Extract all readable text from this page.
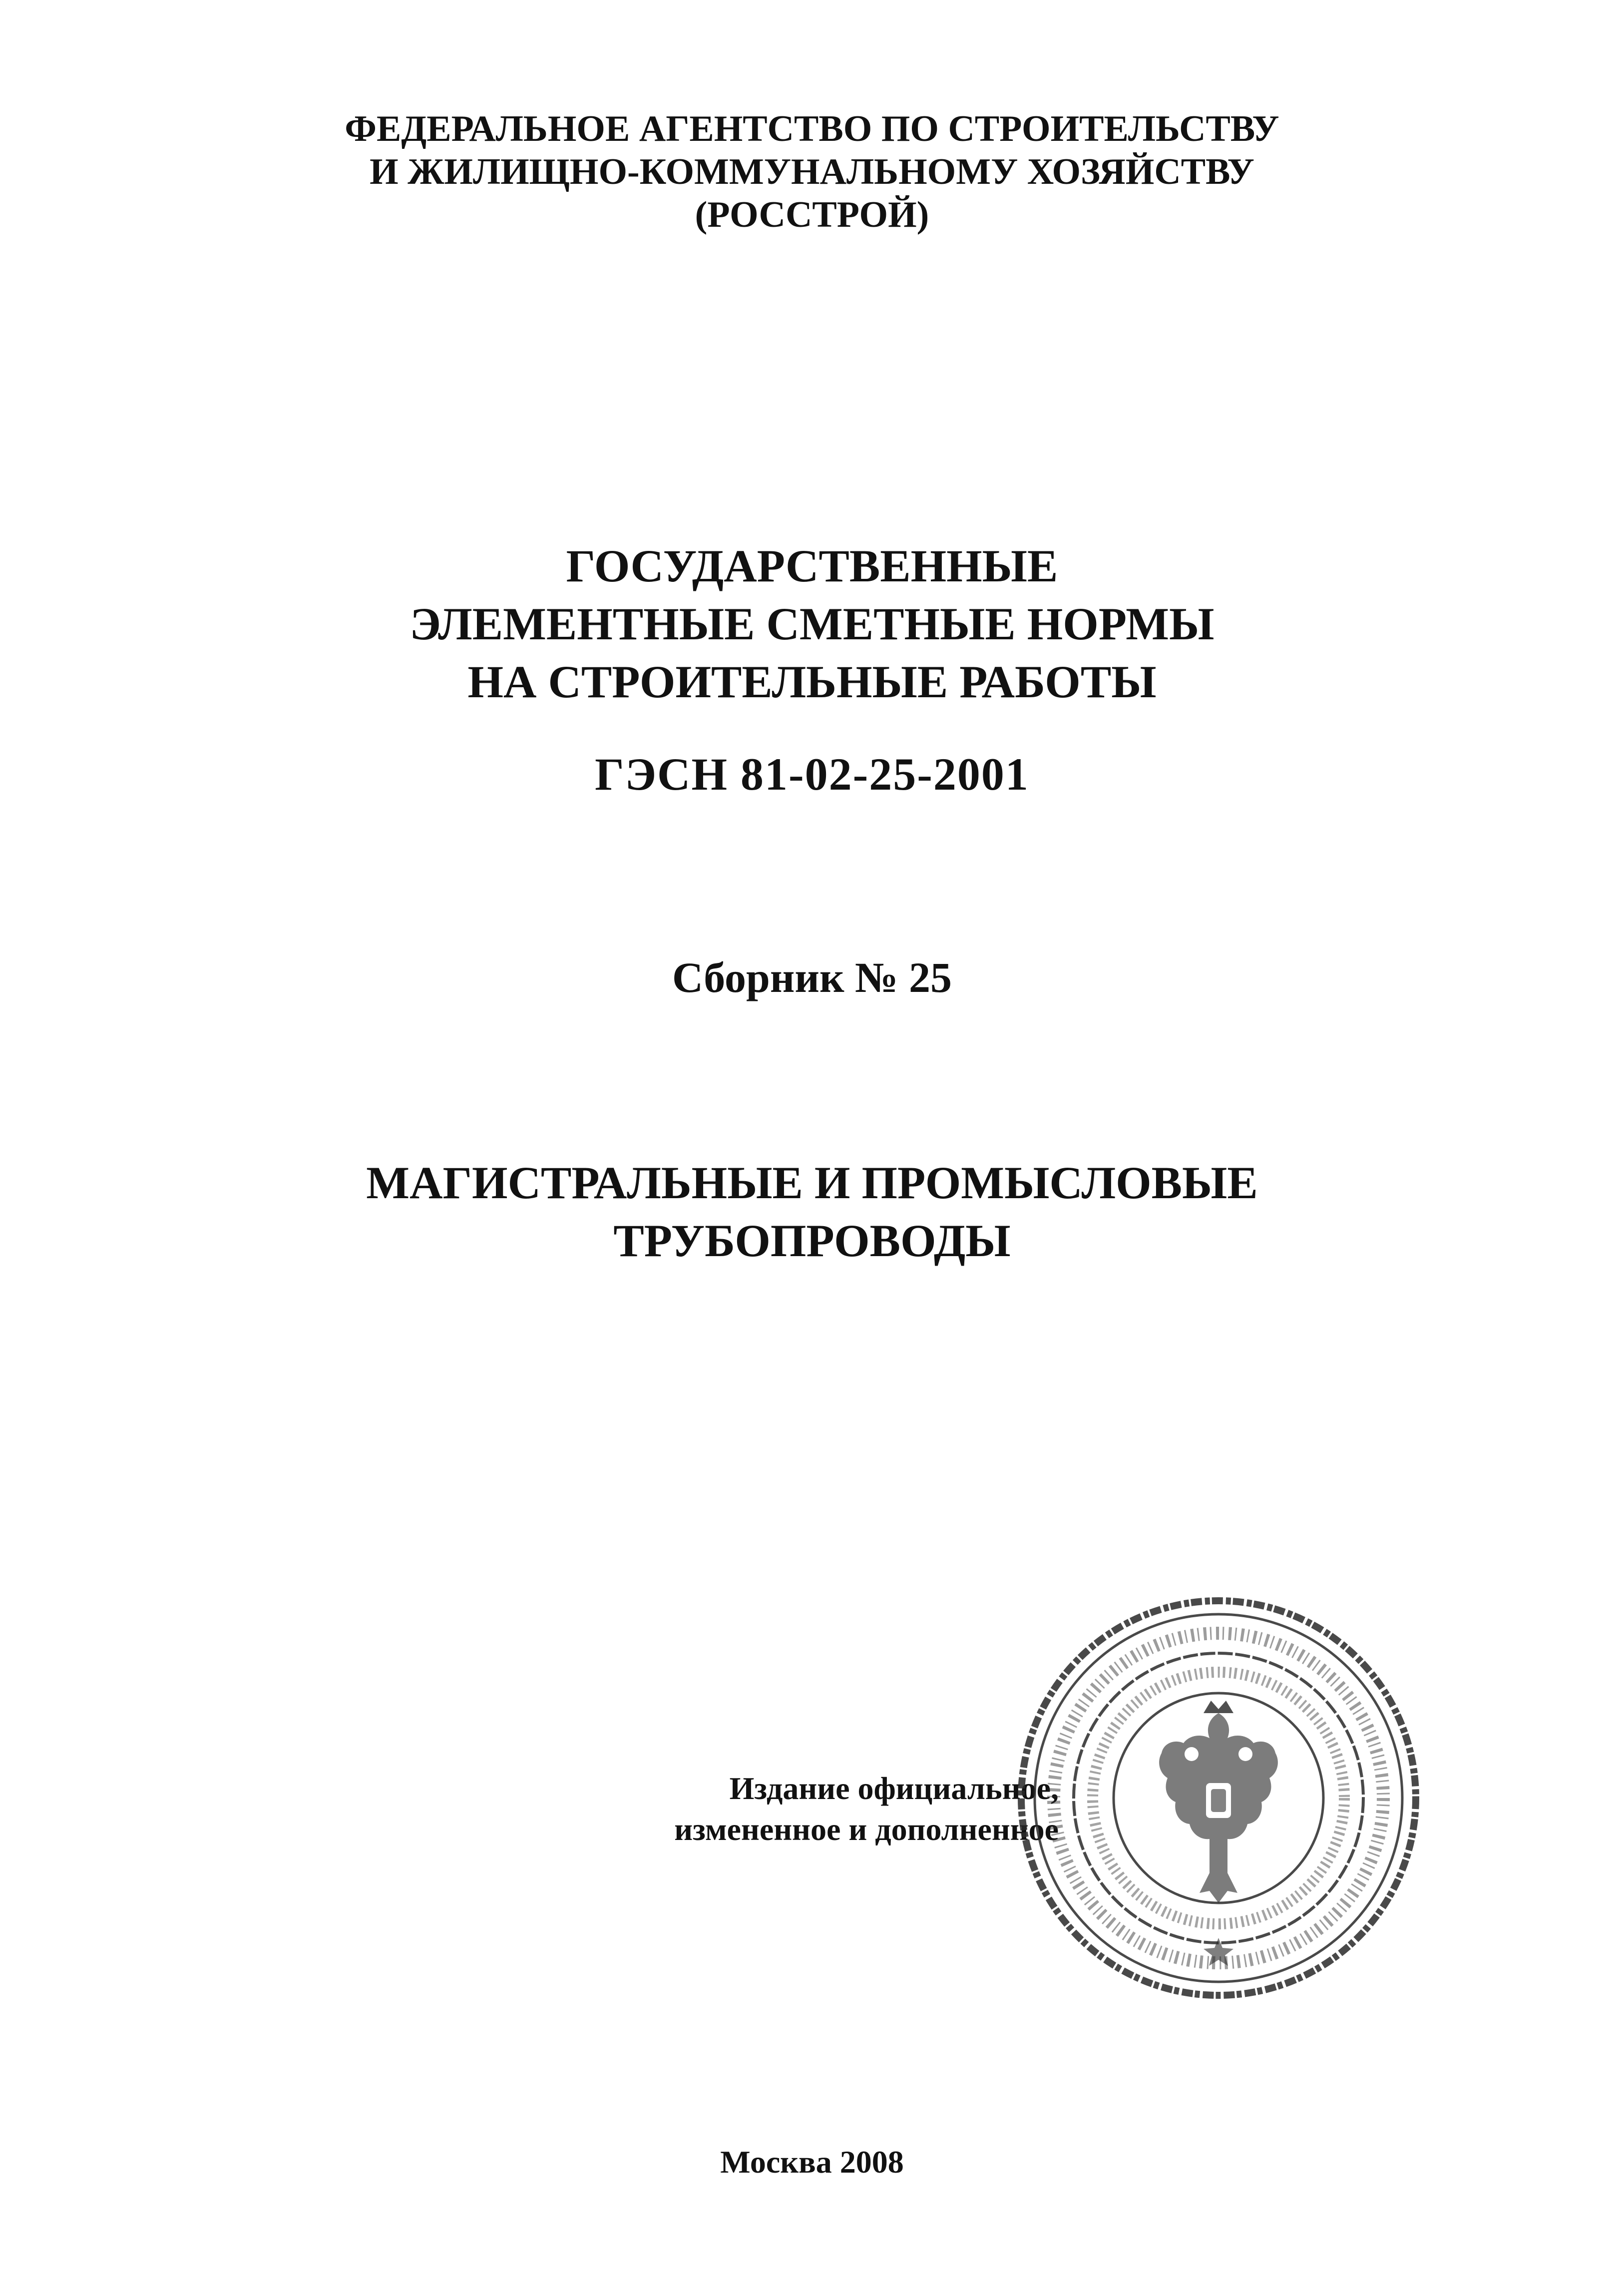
ФЕДЕРАЛЬНОЕ АГЕНТСТВО ПО СТРОИТЕЛЬСТВУ
И ЖИЛИЩНО-КОММУНАЛЬНОМУ ХОЗЯЙСТВУ
(РОССТРОЙ)
ГОСУДАРСТВЕННЫЕ
ЭЛЕМЕНТНЫЕ СМЕТНЫЕ НОРМЫ
НА СТРОИТЕЛЬНЫЕ РАБОТЫ
ГЭСН 81-02-25-2001
Сборник № 25
МАГИСТРАЛЬНЫЕ И ПРОМЫСЛОВЫЕ
ТРУБОПРОВОДЫ
Издание официальное,
измененное и дополненное
Москва 2008
